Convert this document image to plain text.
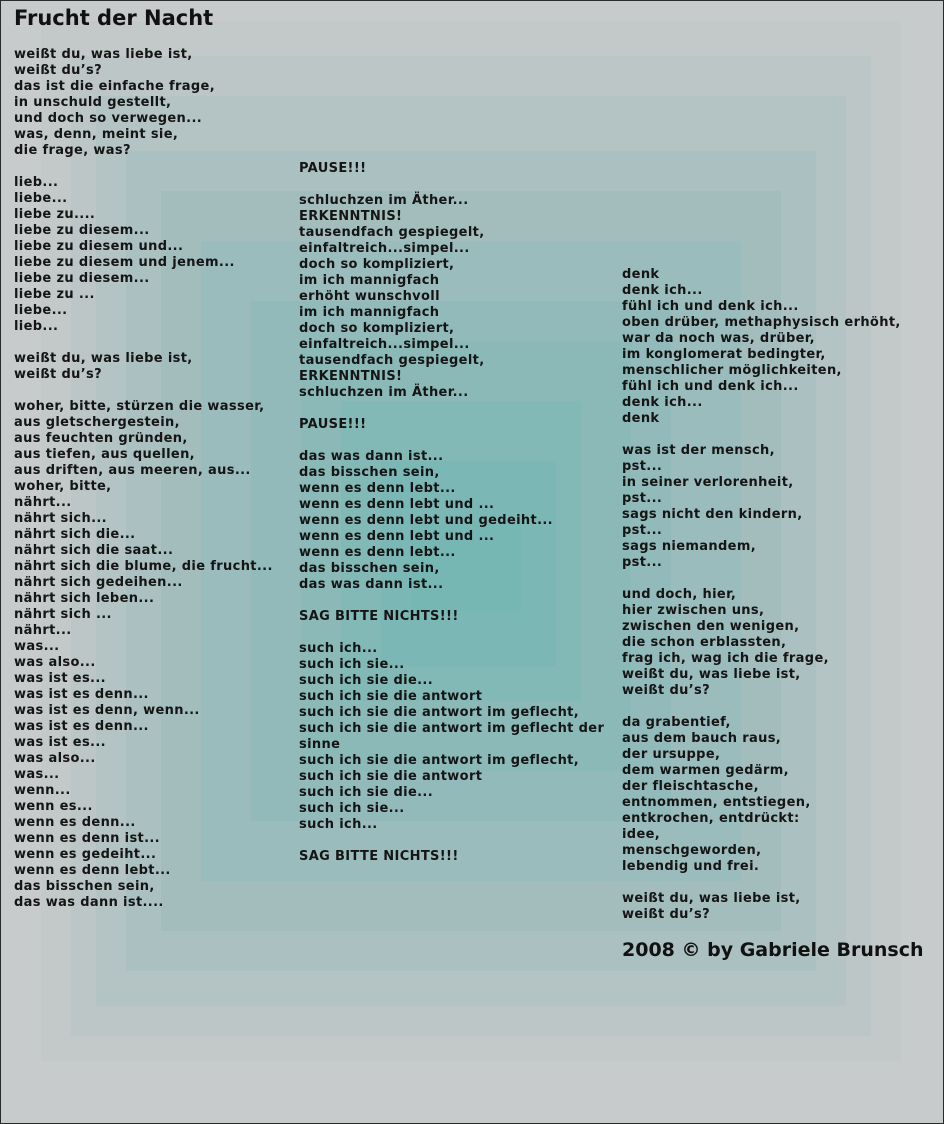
Frucht der Nacht
weißt du, was liebe ist,
weißt du’s?
das ist die einfache frage,
in unschuld gestellt,
und doch so verwegen...
was, denn, meint sie,
die frage, was?
lieb...
liebe...
liebe zu....
liebe zu diesem...
liebe zu diesem und...
liebe zu diesem und jenem...
liebe zu diesem...
liebe zu ...
liebe...
lieb...
weißt du, was liebe ist,
weißt du’s?
woher, bitte, stürzen die wasser,
aus gletschergestein,
aus feuchten gründen,
aus tiefen, aus quellen,
aus driften, aus meeren, aus...
woher, bitte,
nährt...
nährt sich...
nährt sich die...
nährt sich die saat...
nährt sich die blume, die frucht...
nährt sich gedeihen...
nährt sich leben...
nährt sich ...
nährt...
was...
was also...
was ist es...
was ist es denn...
was ist es denn, wenn...
was ist es denn...
was ist es...
was also...
was...
wenn...
wenn es...
wenn es denn...
wenn es denn ist...
wenn es gedeiht...
wenn es denn lebt...
das bisschen sein,
das was dann ist....
PAUSE!!!
schluchzen im Äther...
ERKENNTNIS!
tausendfach gespiegelt,
einfaltreich...simpel...
doch so kompliziert,
im ich mannigfach
erhöht wunschvoll
im ich mannigfach
doch so kompliziert,
einfaltreich...simpel...
tausendfach gespiegelt,
ERKENNTNIS!
schluchzen im Äther...
PAUSE!!!
das was dann ist...
das bisschen sein,
wenn es denn lebt...
wenn es denn lebt und ...
wenn es denn lebt und gedeiht...
wenn es denn lebt und ...
wenn es denn lebt...
das bisschen sein,
das was dann ist...
SAG BITTE NICHTS!!!
such ich...
such ich sie...
such ich sie die...
such ich sie die antwort
such ich sie die antwort im geflecht,
such ich sie die antwort im geflecht der
sinne
such ich sie die antwort im geflecht,
such ich sie die antwort
such ich sie die...
such ich sie...
such ich...
SAG BITTE NICHTS!!!
denk
denk ich...
fühl ich und denk ich...
oben drüber, methaphysisch erhöht,
war da noch was, drüber,
im konglomerat bedingter,
menschlicher möglichkeiten,
fühl ich und denk ich...
denk ich...
denk
was ist der mensch,
pst...
in seiner verlorenheit,
pst...
sags nicht den kindern,
pst...
sags niemandem,
pst...
und doch, hier,
hier zwischen uns,
zwischen den wenigen,
die schon erblassten,
frag ich, wag ich die frage,
weißt du, was liebe ist,
weißt du’s?
da grabentief,
aus dem bauch raus,
der ursuppe,
dem warmen gedärm,
der fleischtasche,
entnommen, entstiegen,
entkrochen, entdrückt:
idee,
menschgeworden,
lebendig und frei.
weißt du, was liebe ist,
weißt du’s?
2008 © by Gabriele Brunsch
